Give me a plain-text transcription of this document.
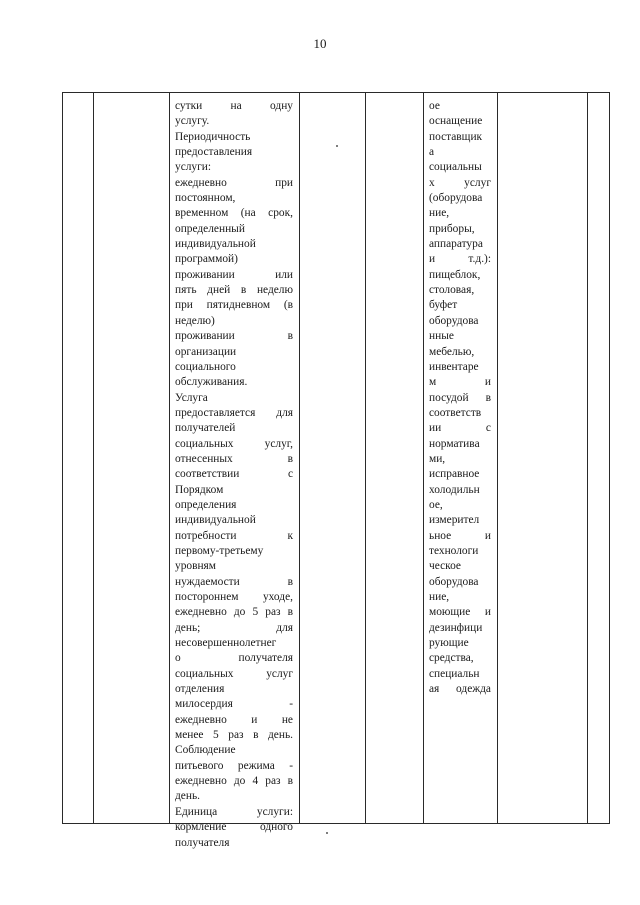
10
сутки на одну
услугу.
Периодичность
предоставления
услуги:
ежедневно при
постоянном,
временном (на срок,
определенный
индивидуальной
программой)
проживании или
пять дней в неделю
при пятидневном (в
неделю)
проживании в
организации
социального
обслуживания.
Услуга
предоставляется для
получателей
социальных услуг,
отнесенных в
соответствии с
Порядком
определения
индивидуальной
потребности к
первому-третьему
уровням
нуждаемости в
постороннем уходе,
ежедневно до 5 раз в
день; для
несовершеннолетнег
о получателя
социальных услуг
отделения
милосердия -
ежедневно и не
менее 5 раз в день.
Соблюдение
питьевого режима -
ежедневно до 4 раз в
день.
Единица услуги:
кормление одного
получателя
ое
оснащение
поставщик
а
социальны
х услуг
(оборудова
ние,
приборы,
аппаратура
и т.д.):
пищеблок,
столовая,
буфет
оборудова
нные
мебелью,
инвентаре
м и
посудой в
соответств
ии с
нормативa
ми,
исправное
холодильн
ое,
измерител
ьное и
технологи
ческое
оборудова
ние,
моющие и
дезинфици
рующие
средства,
специальн
ая одежда
